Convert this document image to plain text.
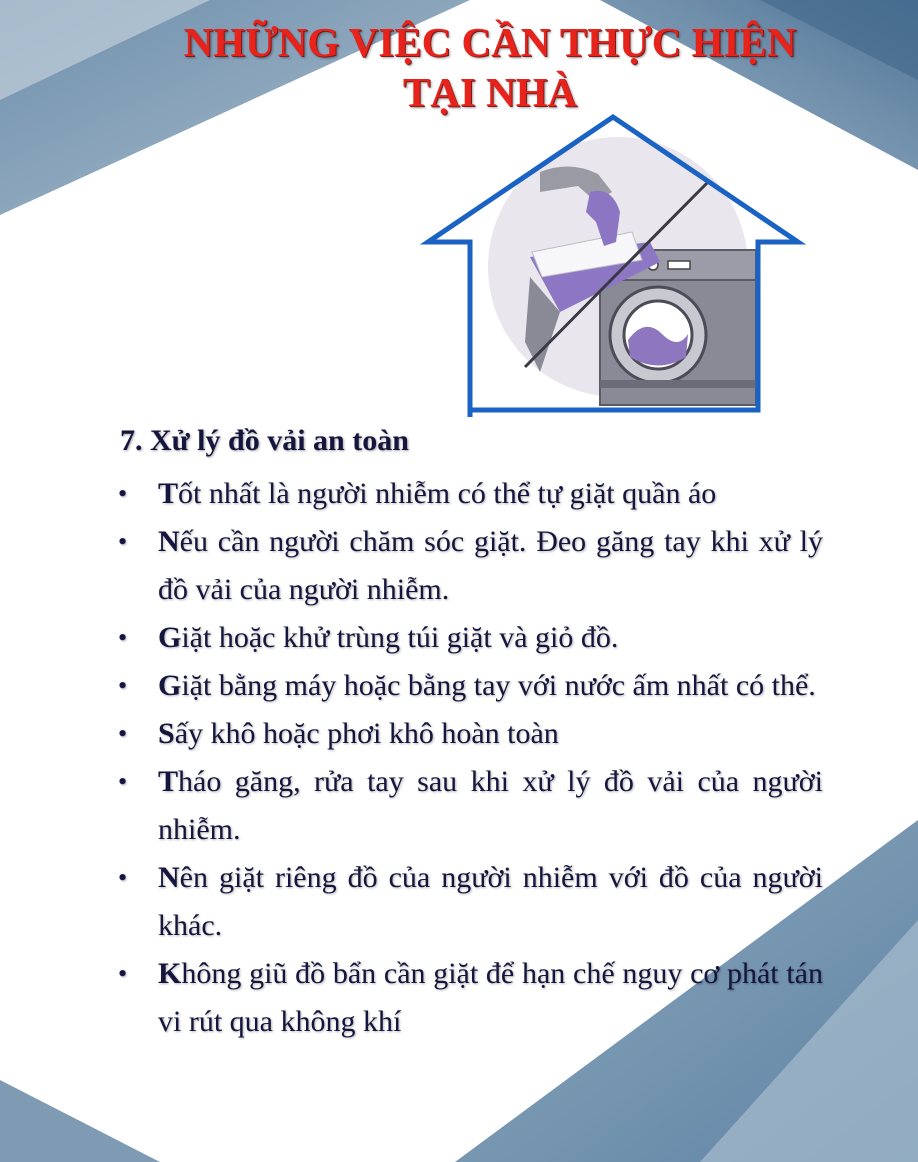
NHỮNG VIỆC CẦN THỰC HIỆN
TẠI NHÀ
7. Xử lý đồ vải an toàn
• Tốt nhất là người nhiễm có thể tự giặt quần áo
• Nếu cần người chăm sóc giặt. Đeo găng tay khi xử lý đồ vải của người nhiễm.
• Giặt hoặc khử trùng túi giặt và giỏ đồ.
• Giặt bằng máy hoặc bằng tay với nước ấm nhất có thể.
• Sấy khô hoặc phơi khô hoàn toàn
• Tháo găng, rửa tay sau khi xử lý đồ vải của người nhiễm.
• Nên giặt riêng đồ của người nhiễm với đồ của người khác.
• Không giũ đồ bẩn cần giặt để hạn chế nguy cơ phát tán vi rút qua không khí
